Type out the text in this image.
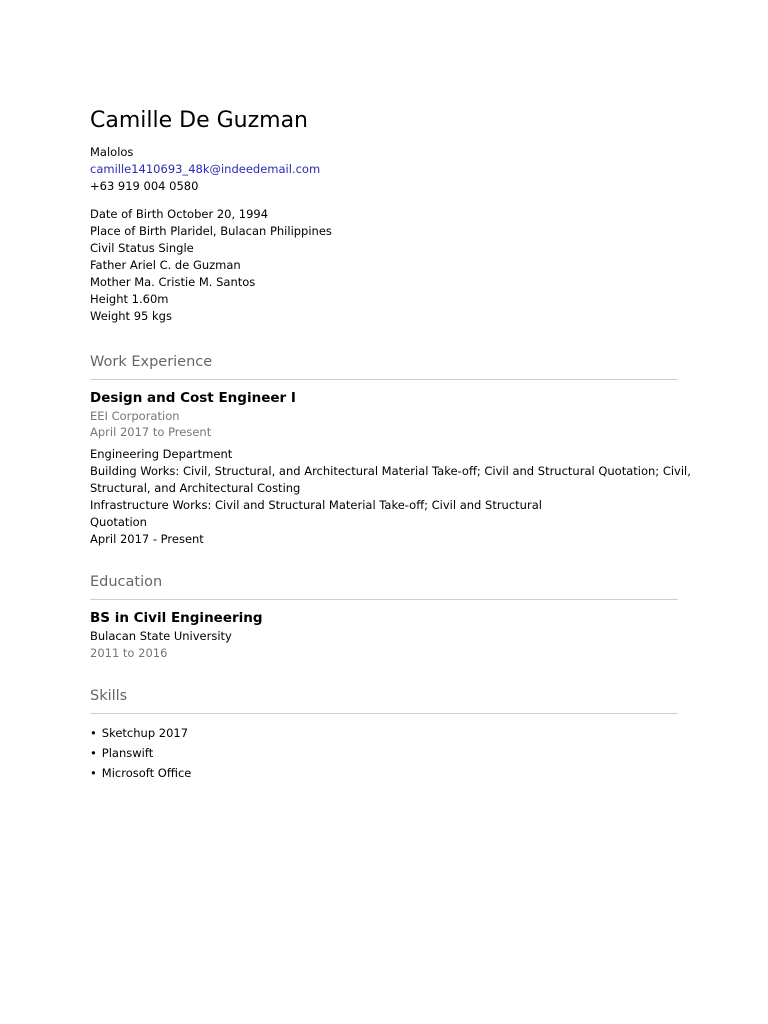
Camille De Guzman
Malolos
camille1410693_48k@indeedemail.com
+63 919 004 0580
Date of Birth October 20, 1994
Place of Birth Plaridel, Bulacan Philippines
Civil Status Single
Father Ariel C. de Guzman
Mother Ma. Cristie M. Santos
Height 1.60m
Weight 95 kgs
Work Experience
Design and Cost Engineer I
EEI Corporation
April 2017 to Present
Engineering Department
Building Works: Civil, Structural, and Architectural Material Take-off; Civil and Structural Quotation; Civil,
Structural, and Architectural Costing
Infrastructure Works: Civil and Structural Material Take-off; Civil and Structural
Quotation
April 2017 - Present
Education
BS in Civil Engineering
Bulacan State University
2011 to 2016
Skills
• Sketchup 2017
• Planswift
• Microsoft Office
